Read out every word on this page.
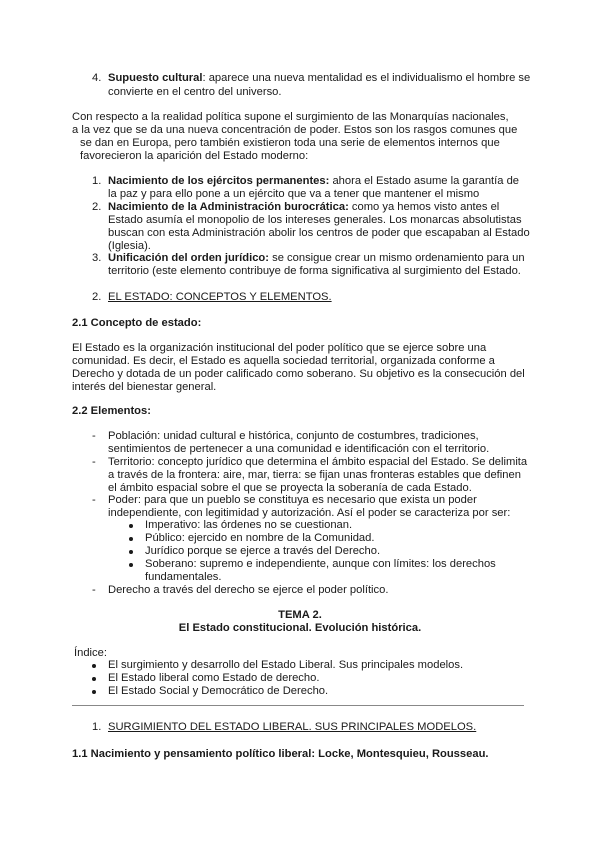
4. Supuesto cultural: aparece una nueva mentalidad es el individualismo el hombre se
convierte en el centro del universo.
Con respecto a la realidad política supone el surgimiento de las Monarquías nacionales,
a la vez que se da una nueva concentración de poder. Estos son los rasgos comunes que
se dan en Europa, pero también existieron toda una serie de elementos internos que
favorecieron la aparición del Estado moderno:
1. Nacimiento de los ejércitos permanentes: ahora el Estado asume la garantía de
la paz y para ello pone a un ejército que va a tener que mantener el mismo
2. Nacimiento de la Administración burocrática: como ya hemos visto antes el
Estado asumía el monopolio de los intereses generales. Los monarcas absolutistas
buscan con esta Administración abolir los centros de poder que escapaban al Estado
(Iglesia).
3. Unificación del orden jurídico: se consigue crear un mismo ordenamiento para un
territorio (este elemento contribuye de forma significativa al surgimiento del Estado.
2. EL ESTADO: CONCEPTOS Y ELEMENTOS.
2.1 Concepto de estado:
El Estado es la organización institucional del poder político que se ejerce sobre una
comunidad. Es decir, el Estado es aquella sociedad territorial, organizada conforme a
Derecho y dotada de un poder calificado como soberano. Su objetivo es la consecución del
interés del bienestar general.
2.2 Elementos:
- Población: unidad cultural e histórica, conjunto de costumbres, tradiciones,
sentimientos de pertenecer a una comunidad e identificación con el territorio.
- Territorio: concepto jurídico que determina el ámbito espacial del Estado. Se delimita
a través de la frontera: aire, mar, tierra: se fijan unas fronteras estables que definen
el ámbito espacial sobre el que se proyecta la soberanía de cada Estado.
- Poder: para que un pueblo se constituya es necesario que exista un poder
independiente, con legitimidad y autorización. Así el poder se caracteriza por ser:
Imperativo: las órdenes no se cuestionan.
Público: ejercido en nombre de la Comunidad.
Jurídico porque se ejerce a través del Derecho.
Soberano: supremo e independiente, aunque con límites: los derechos
fundamentales.
- Derecho a través del derecho se ejerce el poder político.
TEMA 2.
El Estado constitucional. Evolución histórica.
Índice:
El surgimiento y desarrollo del Estado Liberal. Sus principales modelos.
El Estado liberal como Estado de derecho.
El Estado Social y Democrático de Derecho.
1. SURGIMIENTO DEL ESTADO LIBERAL. SUS PRINCIPALES MODELOS.
1.1 Nacimiento y pensamiento político liberal: Locke, Montesquieu, Rousseau.
